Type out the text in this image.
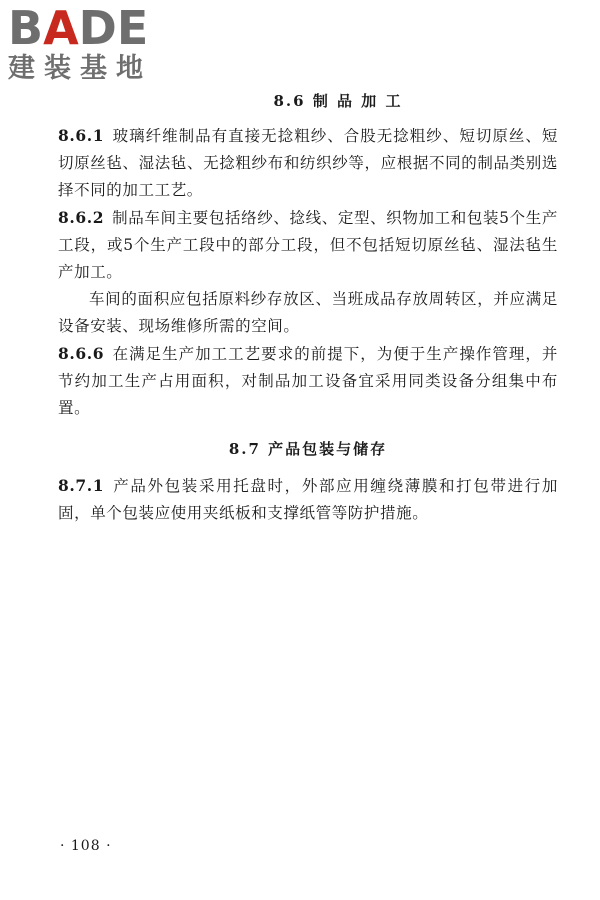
BADE
建装基地
8.6 制 品 加 工

8.6.1 玻璃纤维制品有直接无捻粗纱、合股无捻粗纱、短切原丝、短切原丝毡、湿法毡、无捻粗纱布和纺织纱等，应根据不同的制品类别选择不同的加工工艺。

8.6.2 制品车间主要包括络纱、捻线、定型、织物加工和包装5个生产工段，或5个生产工段中的部分工段，但不包括短切原丝毡、湿法毡生产加工。

车间的面积应包括原料纱存放区、当班成品存放周转区，并应满足设备安装、现场维修所需的空间。

8.6.6 在满足生产加工工艺要求的前提下，为便于生产操作管理，并节约加工生产占用面积，对制品加工设备宜采用同类设备分组集中布置。

8.7 产品包装与储存

8.7.1 产品外包装采用托盘时，外部应用缠绕薄膜和打包带进行加固，单个包装应使用夹纸板和支撑纸管等防护措施。

· 108 ·
